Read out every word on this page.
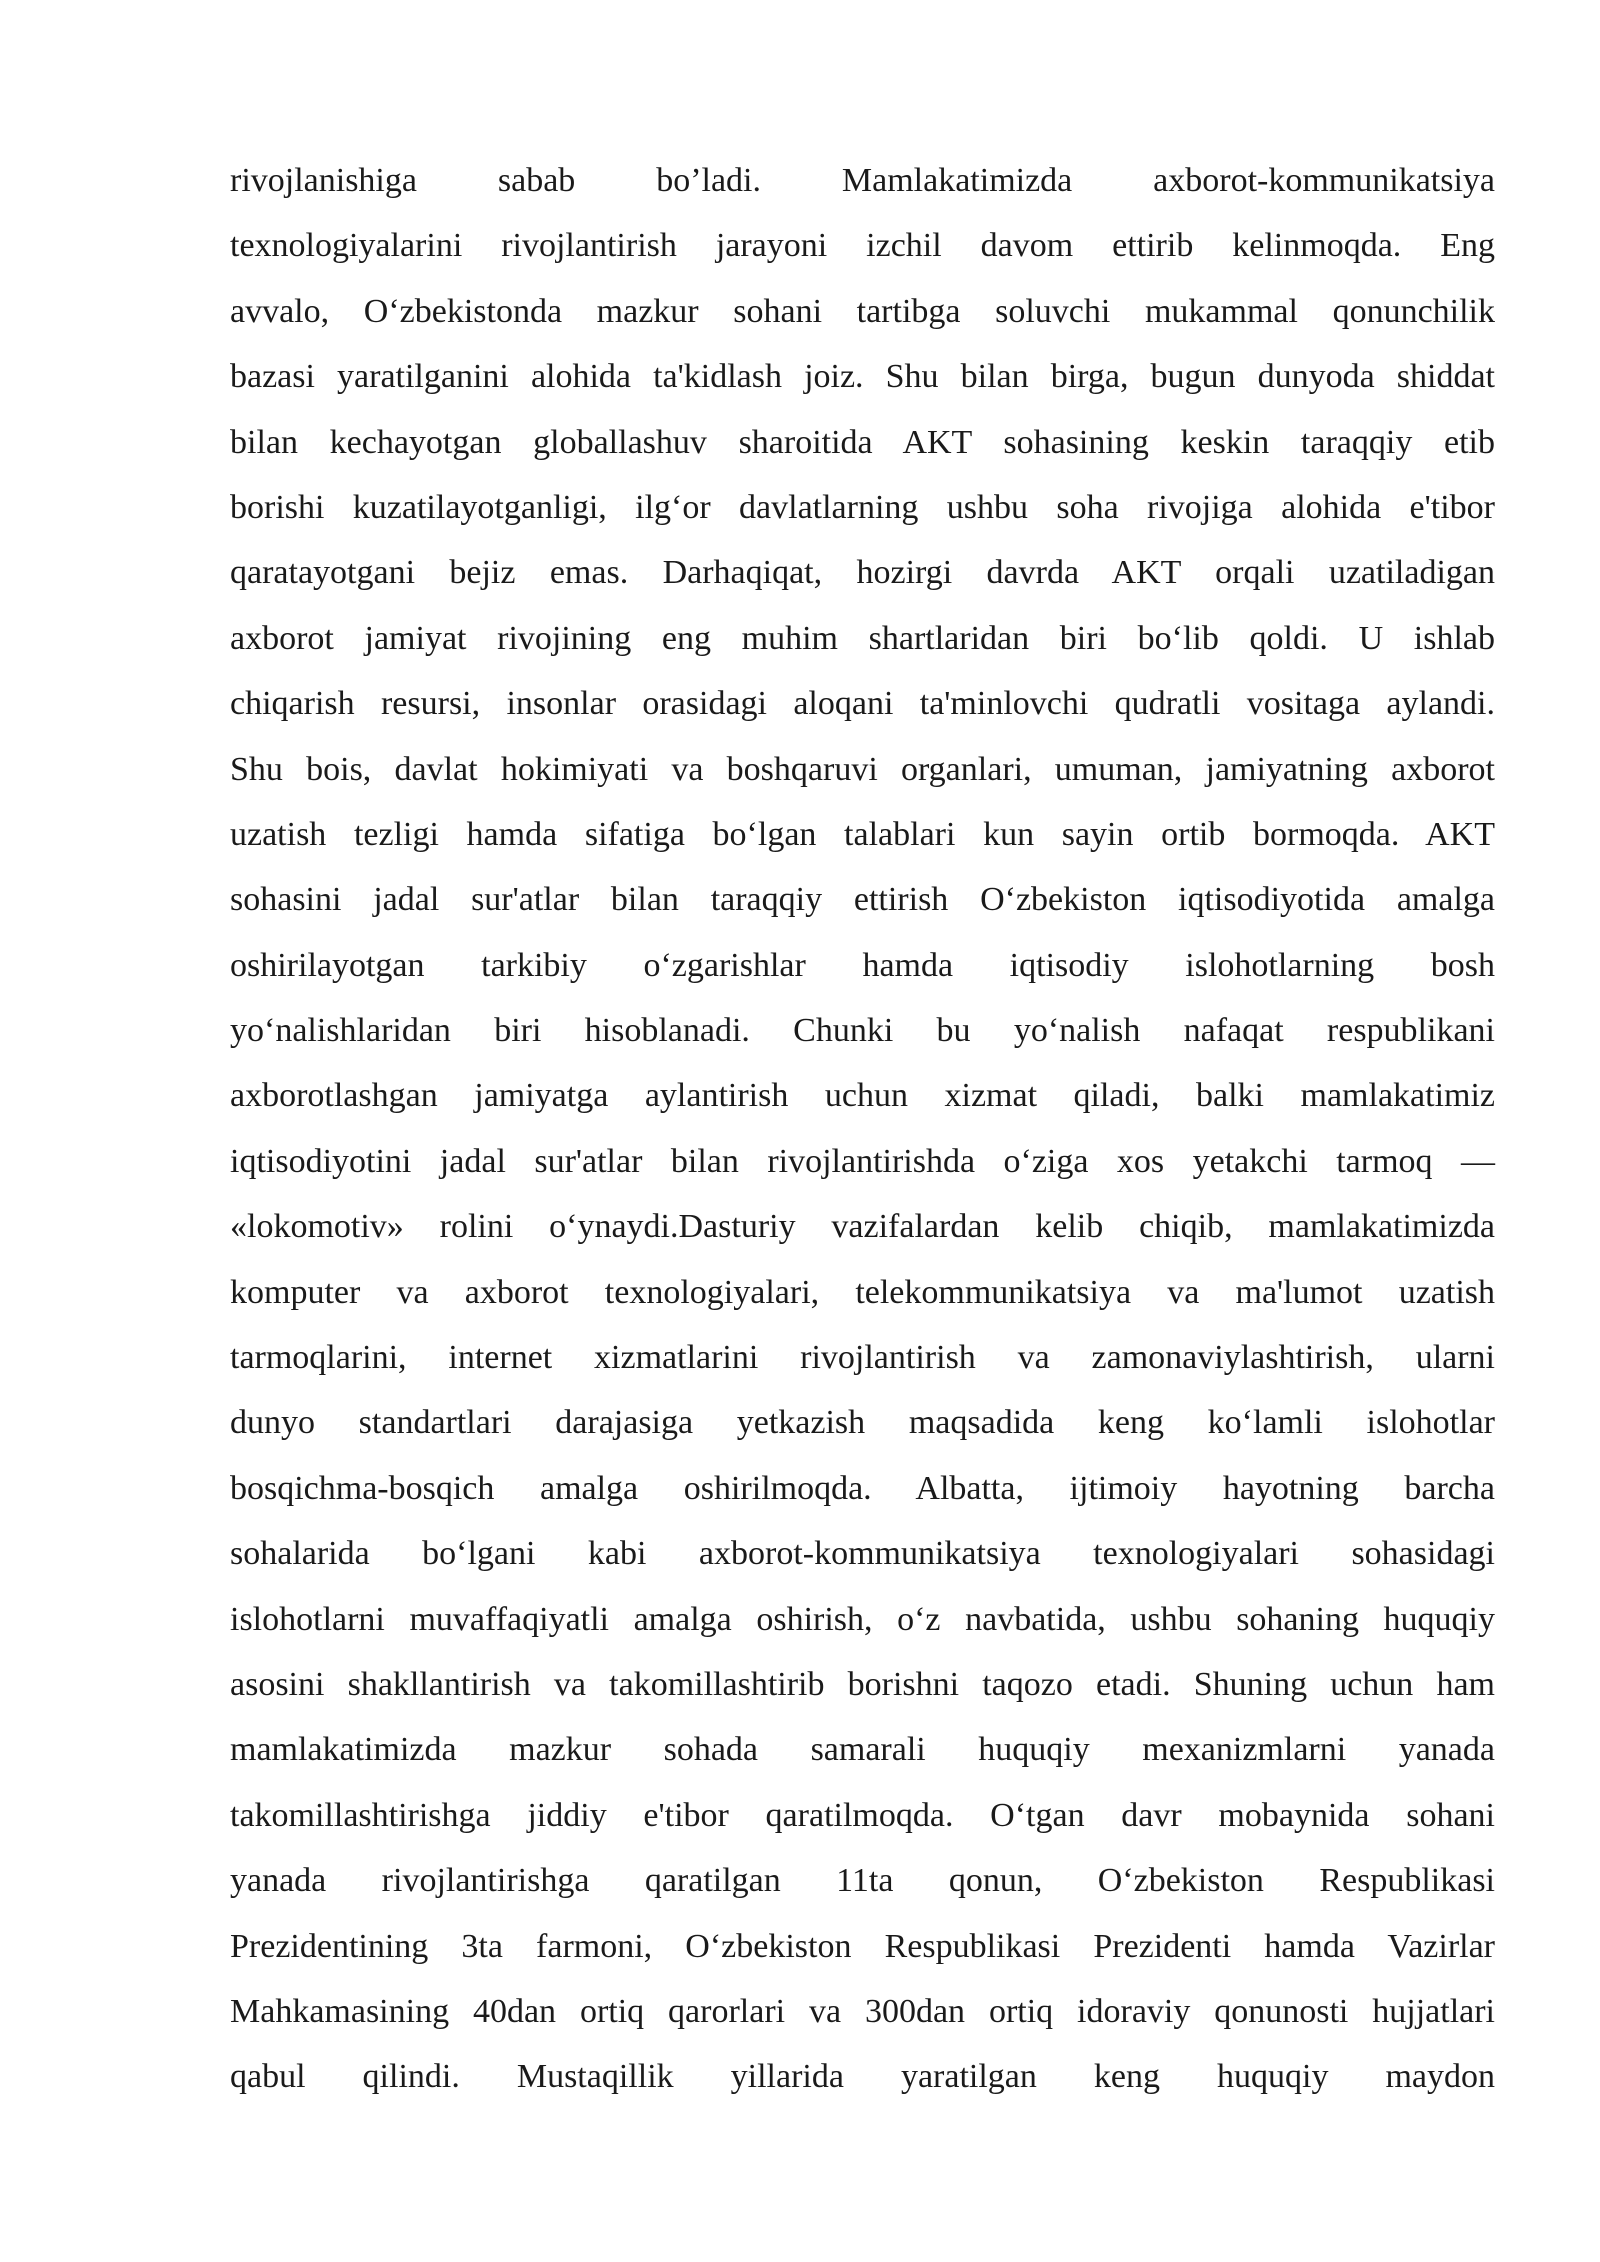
rivojlanishiga sabab bo’ladi. Mamlakatimizda axborot-kommunikatsiya
texnologiyalarini rivojlantirish jarayoni izchil davom ettirib kelinmoqda. Eng
avvalo, O‘zbekistonda mazkur sohani tartibga soluvchi mukammal qonunchilik
bazasi yaratilganini alohida ta'kidlash joiz. Shu bilan birga, bugun dunyoda shiddat
bilan kechayotgan globallashuv sharoitida AKT sohasining keskin taraqqiy etib
borishi kuzatilayotganligi, ilg‘or davlatlarning ushbu soha rivojiga alohida e'tibor
qaratayotgani bejiz emas. Darhaqiqat, hozirgi davrda AKT orqali uzatiladigan
axborot jamiyat rivojining eng muhim shartlaridan biri bo‘lib qoldi. U ishlab
chiqarish resursi, insonlar orasidagi aloqani ta'minlovchi qudratli vositaga aylandi.
Shu bois, davlat hokimiyati va boshqaruvi organlari, umuman, jamiyatning axborot
uzatish tezligi hamda sifatiga bo‘lgan talablari kun sayin ortib bormoqda. AKT
sohasini jadal sur'atlar bilan taraqqiy ettirish O‘zbekiston iqtisodiyotida amalga
oshirilayotgan tarkibiy o‘zgarishlar hamda iqtisodiy islohotlarning bosh
yo‘nalishlaridan biri hisoblanadi. Chunki bu yo‘nalish nafaqat respublikani
axborotlashgan jamiyatga aylantirish uchun xizmat qiladi, balki mamlakatimiz
iqtisodiyotini jadal sur'atlar bilan rivojlantirishda o‘ziga xos yetakchi tarmoq —
«lokomotiv» rolini o‘ynaydi.Dasturiy vazifalardan kelib chiqib, mamlakatimizda
komputer va axborot texnologiyalari, telekommunikatsiya va ma'lumot uzatish
tarmoqlarini, internet xizmatlarini rivojlantirish va zamonaviylashtirish, ularni
dunyo standartlari darajasiga yetkazish maqsadida keng ko‘lamli islohotlar
bosqichma-bosqich amalga oshirilmoqda. Albatta, ijtimoiy hayotning barcha
sohalarida bo‘lgani kabi axborot-kommunikatsiya texnologiyalari sohasidagi
islohotlarni muvaffaqiyatli amalga oshirish, o‘z navbatida, ushbu sohaning huquqiy
asosini shakllantirish va takomillashtirib borishni taqozo etadi. Shuning uchun ham
mamlakatimizda mazkur sohada samarali huquqiy mexanizmlarni yanada
takomillashtirishga jiddiy e'tibor qaratilmoqda. O‘tgan davr mobaynida sohani
yanada rivojlantirishga qaratilgan 11ta qonun, O‘zbekiston Respublikasi
Prezidentining 3ta farmoni, O‘zbekiston Respublikasi Prezidenti hamda Vazirlar
Mahkamasining 40dan ortiq qarorlari va 300dan ortiq idoraviy qonunosti hujjatlari
qabul qilindi. Mustaqillik yillarida yaratilgan keng huquqiy maydon
